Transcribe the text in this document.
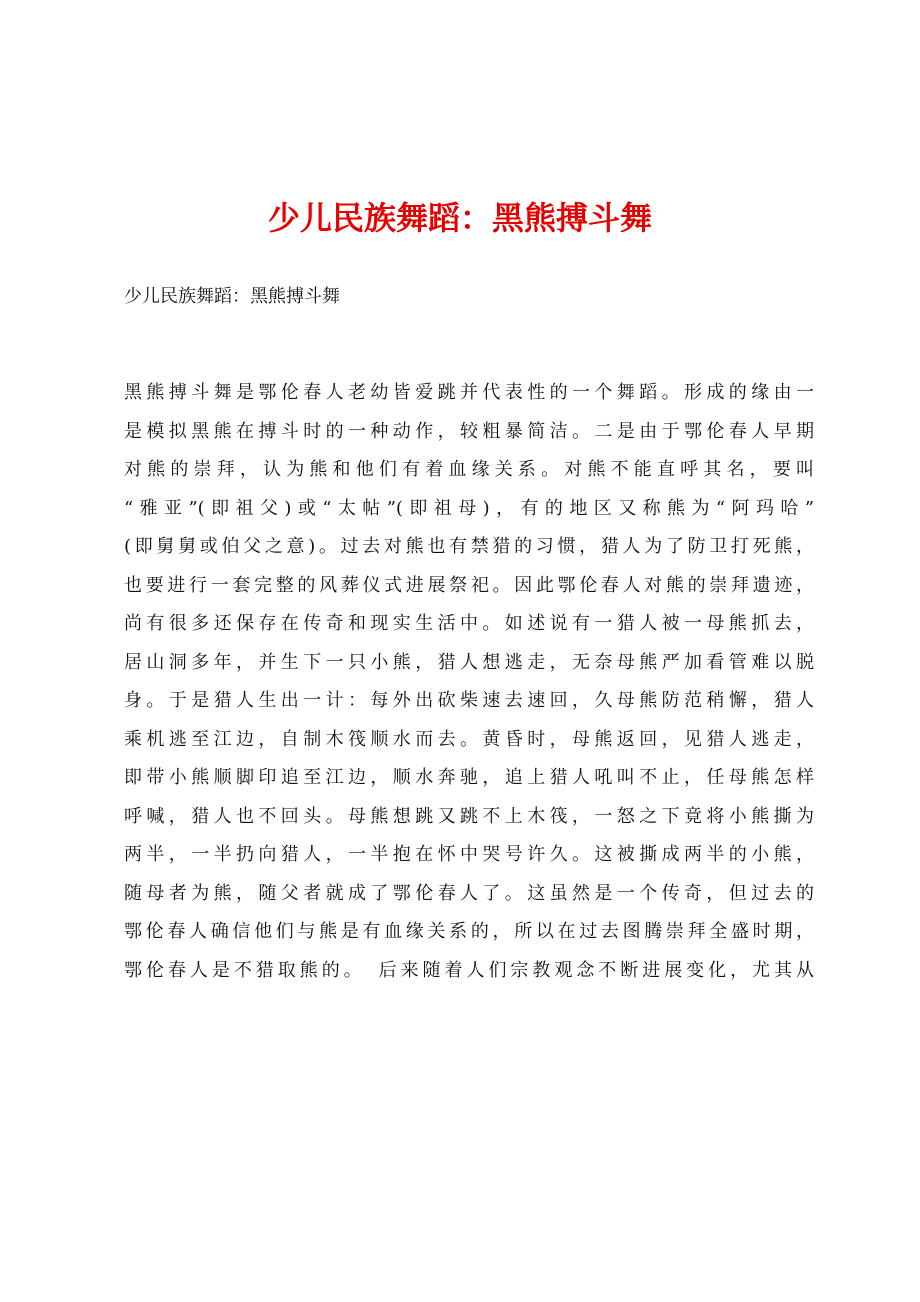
少儿民族舞蹈：黑熊搏斗舞

少儿民族舞蹈：黑熊搏斗舞

黑熊搏斗舞是鄂伦春人老幼皆爱跳并代表性的一个舞蹈。形成的缘由一
是模拟黑熊在搏斗时的一种动作，较粗暴简洁。二是由于鄂伦春人早期
对熊的崇拜，认为熊和他们有着血缘关系。对熊不能直呼其名，要叫
“雅亚”(即祖父)或“太帖”(即祖母)，有的地区又称熊为“阿玛哈”
(即舅舅或伯父之意)。过去对熊也有禁猎的习惯，猎人为了防卫打死熊，
也要进行一套完整的风葬仪式进展祭祀。因此鄂伦春人对熊的崇拜遗迹，
尚有很多还保存在传奇和现实生活中。如述说有一猎人被一母熊抓去，
居山洞多年，并生下一只小熊，猎人想逃走，无奈母熊严加看管难以脱
身。于是猎人生出一计：每外出砍柴速去速回，久母熊防范稍懈，猎人
乘机逃至江边，自制木筏顺水而去。黄昏时，母熊返回，见猎人逃走，
即带小熊顺脚印追至江边，顺水奔驰，追上猎人吼叫不止，任母熊怎样
呼喊，猎人也不回头。母熊想跳又跳不上木筏，一怒之下竟将小熊撕为
两半，一半扔向猎人，一半抱在怀中哭号许久。这被撕成两半的小熊，
随母者为熊，随父者就成了鄂伦春人了。这虽然是一个传奇，但过去的
鄂伦春人确信他们与熊是有血缘关系的，所以在过去图腾崇拜全盛时期，
鄂伦春人是不猎取熊的。　后来随着人们宗教观念不断进展变化，尤其从
